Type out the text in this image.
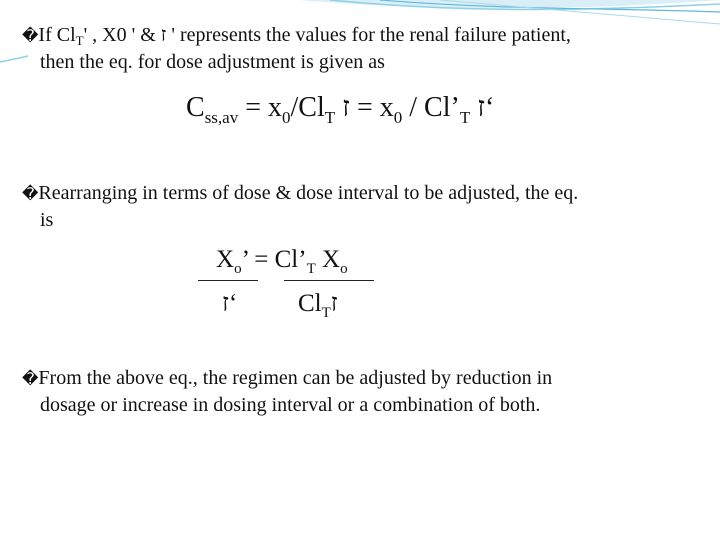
�If $Cl_T'$ , X0 ' & ז ' represents the values for the renal failure patient,
then the eq. for dose adjustment is given as
$C_{ss,av} = x_0/Cl_T$ ז = $x_0$ / $Cl’_T$ ז‘
�Rearranging in terms of dose & dose interval to be adjusted, the eq.
is
$X_o$’ = $Cl’_T$ $X_o$
ז‘ $Cl_Tז$
�From the above eq., the regimen can be adjusted by reduction in
dosage or increase in dosing interval or a combination of both.
